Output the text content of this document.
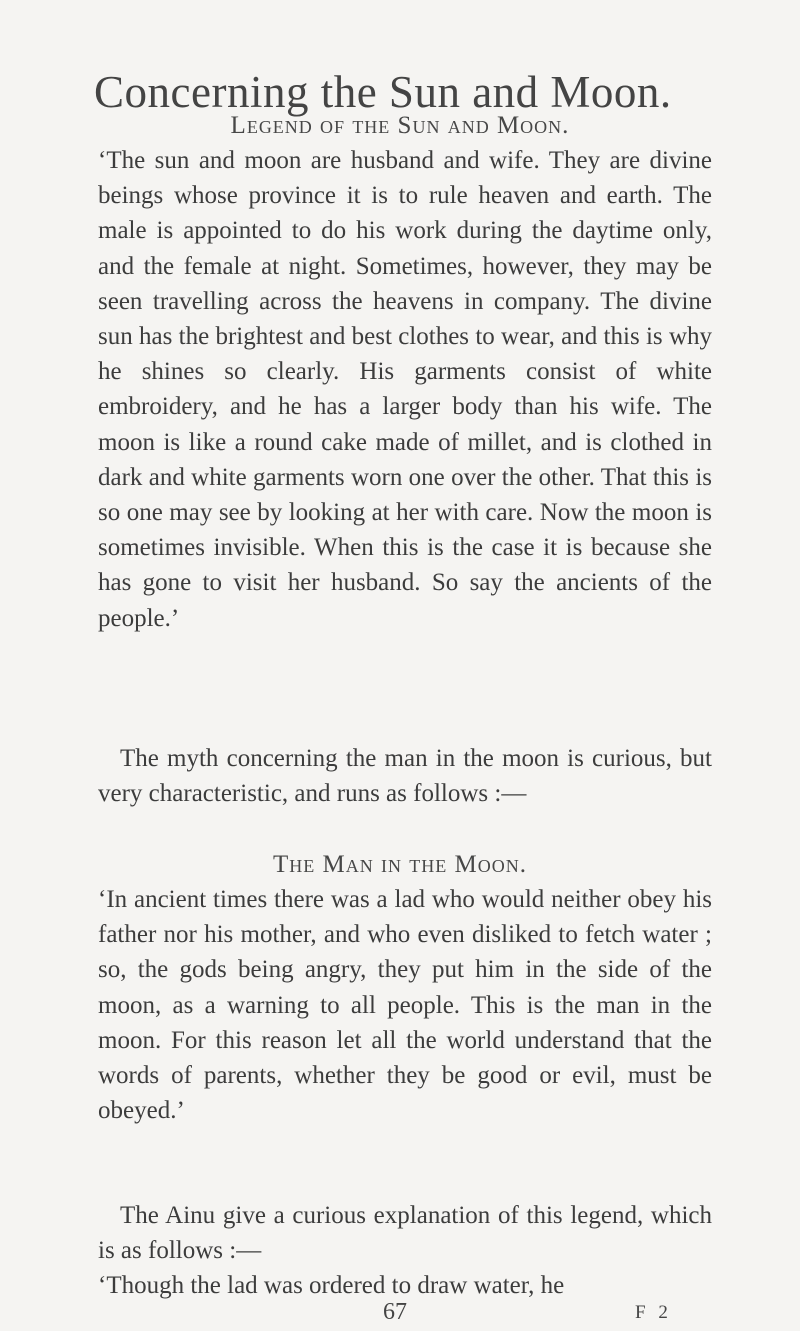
Concerning the Sun and Moon.
Legend of the Sun and Moon.

‘The sun and moon are husband and wife. They are divine beings whose province it is to rule heaven and earth. The male is appointed to do his work during the daytime only, and the female at night. Sometimes, however, they may be seen travelling across the heavens in company. The divine sun has the brightest and best clothes to wear, and this is why he shines so clearly. His garments consist of white embroidery, and he has a larger body than his wife. The moon is like a round cake made of millet, and is clothed in dark and white garments worn one over the other. That this is so one may see by looking at her with care. Now the moon is sometimes invisible. When this is the case it is because she has gone to visit her husband. So say the ancients of the people.’

The myth concerning the man in the moon is curious, but very characteristic, and runs as follows :—

The Man in the Moon.

‘In ancient times there was a lad who would neither obey his father nor his mother, and who even disliked to fetch water ; so, the gods being angry, they put him in the side of the moon, as a warning to all people. This is the man in the moon. For this reason let all the world understand that the words of parents, whether they be good or evil, must be obeyed.’

The Ainu give a curious explanation of this legend, which is as follows :—

‘Though the lad was ordered to draw water, he

67	F 2
